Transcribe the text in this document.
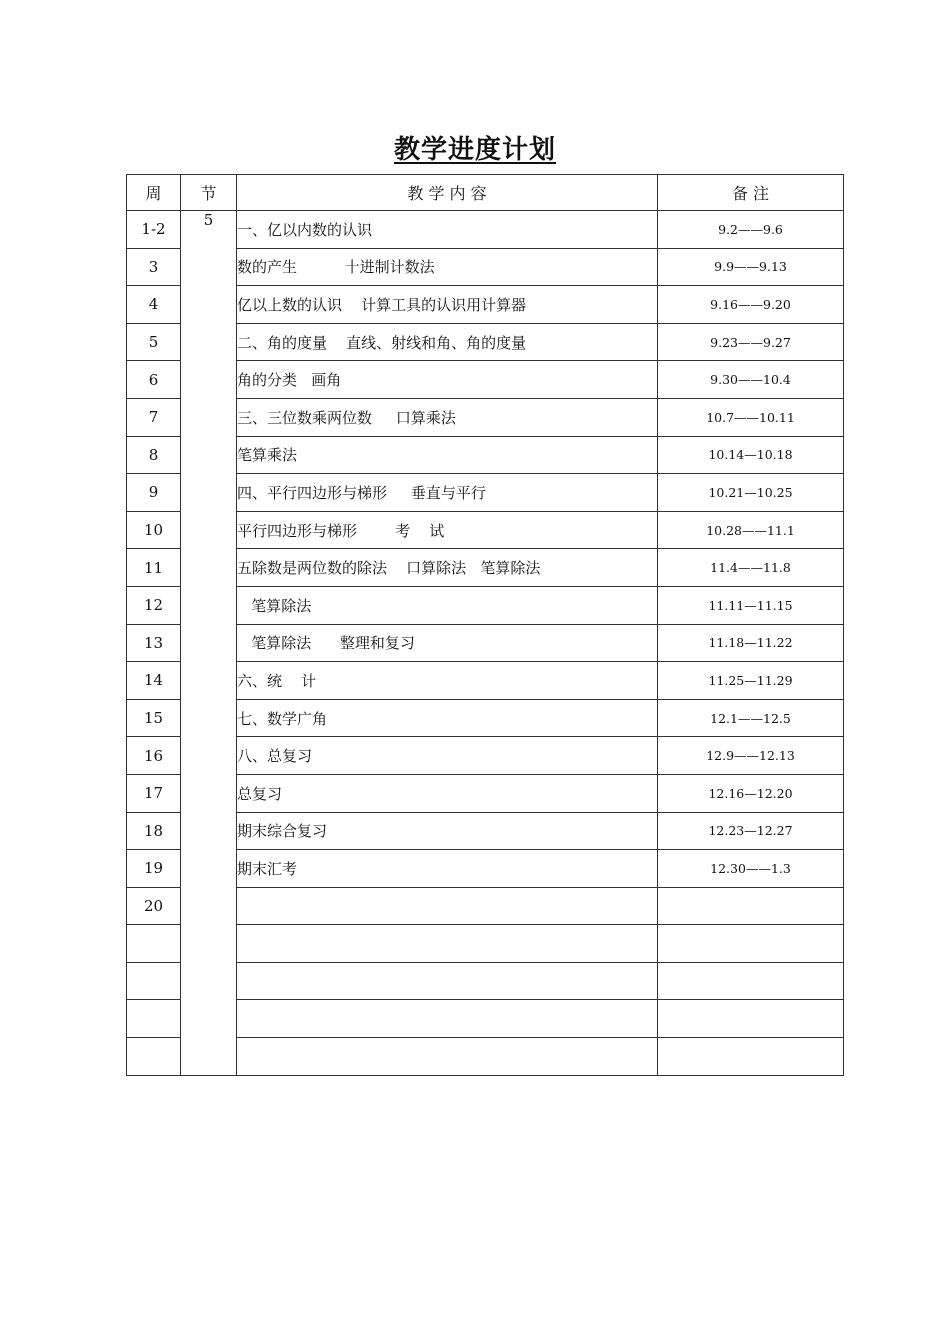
教学进度计划
周	节	教 学 内 容	备 注
1-2	5	一、亿以内数的认识	9.2——9.6
3		数的产生          十进制计数法	9.9——9.13
4		亿以上数的认识    计算工具的认识用计算器	9.16——9.20
5		二、角的度量    直线、射线和角、角的度量	9.23——9.27
6		角的分类   画角	9.30——10.4
7		三、三位数乘两位数     口算乘法	10.7——10.11
8		笔算乘法	10.14—10.18
9		四、平行四边形与梯形     垂直与平行	10.21—10.25
10		平行四边形与梯形        考    试	10.28——11.1
11		五除数是两位数的除法    口算除法   笔算除法	11.4——11.8
12		笔算除法	11.11—11.15
13		笔算除法      整理和复习	11.18—11.22
14		六、统    计	11.25—11.29
15		七、数学广角	12.1——12.5
16		八、总复习	12.9——12.13
17		总复习	12.16—12.20
18		期末综合复习	12.23—12.27
19		期末汇考	12.30——1.3
20			
